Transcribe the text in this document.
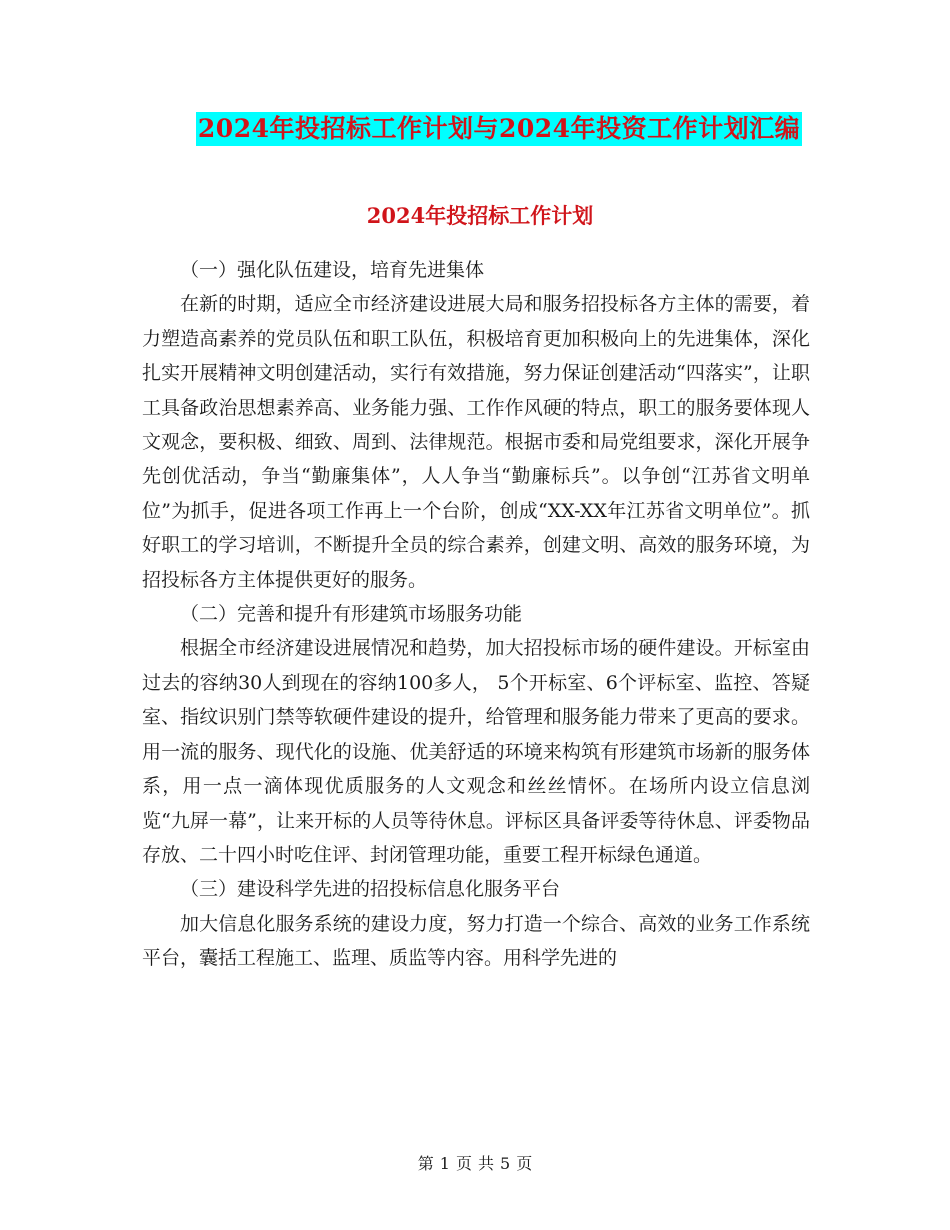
2024年投招标工作计划与2024年投资工作计划汇编
2024年投招标工作计划

（一）强化队伍建设，培育先进集体

在新的时期，适应全市经济建设进展大局和服务招投标各方主体的需要，着力塑造高素养的党员队伍和职工队伍，积极培育更加积极向上的先进集体，深化扎实开展精神文明创建活动，实行有效措施，努力保证创建活动“四落实”，让职工具备政治思想素养高、业务能力强、工作作风硬的特点，职工的服务要体现人文观念，要积极、细致、周到、法律规范。根据市委和局党组要求，深化开展争先创优活动，争当“勤廉集体”，人人争当“勤廉标兵”。以争创“江苏省文明单位”为抓手，促进各项工作再上一个台阶，创成“XX-XX年江苏省文明单位”。抓好职工的学习培训，不断提升全员的综合素养，创建文明、高效的服务环境，为招投标各方主体提供更好的服务。

（二）完善和提升有形建筑市场服务功能

根据全市经济建设进展情况和趋势，加大招投标市场的硬件建设。开标室由过去的容纳30人到现在的容纳100多人， 5个开标室、6个评标室、监控、答疑室、指纹识别门禁等软硬件建设的提升，给管理和服务能力带来了更高的要求。用一流的服务、现代化的设施、优美舒适的环境来构筑有形建筑市场新的服务体系，用一点一滴体现优质服务的人文观念和丝丝情怀。在场所内设立信息浏览“九屏一幕”，让来开标的人员等待休息。评标区具备评委等待休息、评委物品存放、二十四小时吃住评、封闭管理功能，重要工程开标绿色通道。

（三）建设科学先进的招投标信息化服务平台

加大信息化服务系统的建设力度，努力打造一个综合、高效的业务工作系统平台，囊括工程施工、监理、质监等内容。用科学先进的

第 1 页 共 5 页
